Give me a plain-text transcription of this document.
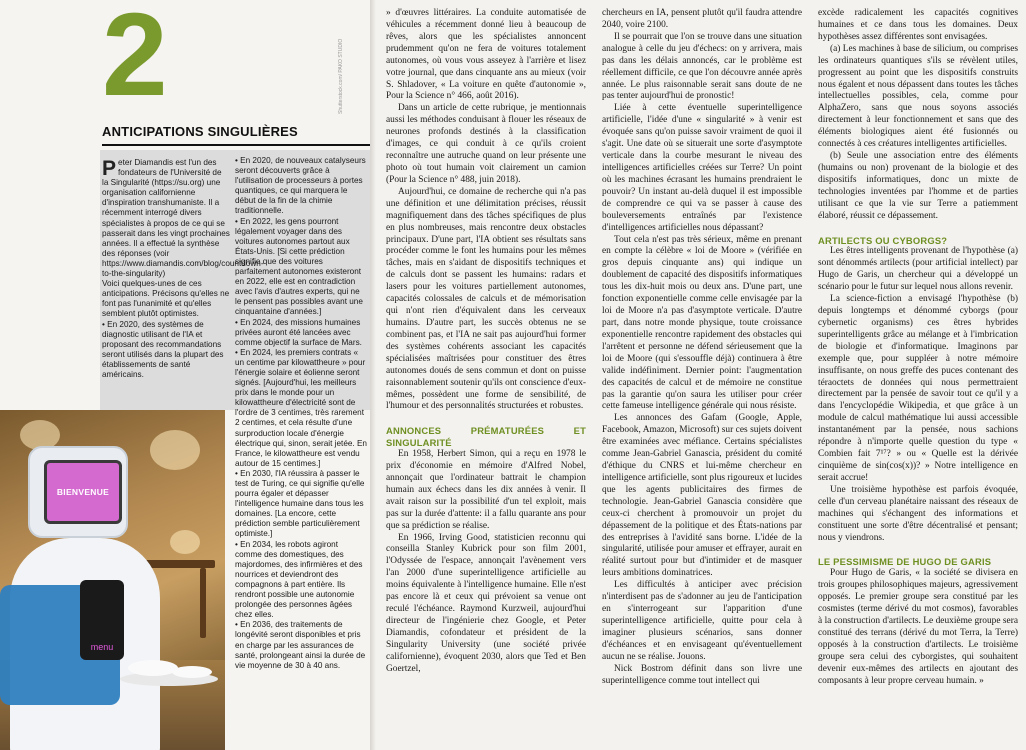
2	Shutterstock.com/ PAKO STUDIO
ANTICIPATIONS SINGULIÈRES

Peter Diamandis est l'un des fondateurs de l'Université de la Singularité (https://su.org) une organisation californienne d'inspiration transhumaniste. Il a récemment interrogé divers spécialistes à propos de ce qui se passerait dans les vingt prochaines années. Il a effectué la synthèse des réponses (voir https://www.diamandis.com/blog/countdown-to-the-singularity)

Voici quelques-unes de ces anticipations. Précisons qu'elles ne font pas l'unanimité et qu'elles semblent plutôt optimistes.

• En 2020, des systèmes de diagnostic utilisant de l'IA et proposant des recommandations seront utilisés dans la plupart des établissements de santé américains.

• En 2020, de nouveaux catalyseurs seront découverts grâce à l'utilisation de processeurs à portes quantiques, ce qui marquera le début de la fin de la chimie traditionnelle.

• En 2022, les gens pourront légalement voyager dans des voitures autonomes partout aux États-Unis. [Si cette prédiction signifie que des voitures parfaitement autonomes existeront en 2022, elle est en contradiction avec l'avis d'autres experts, qui ne le pensent pas possibles avant une cinquantaine d'années.]

• En 2024, des missions humaines privées auront été lancées avec comme objectif la surface de Mars.

• En 2024, les premiers contrats « un centime par kilowattheure » pour l'énergie solaire et éolienne seront signés. [Aujourd'hui, les meilleurs prix dans le monde pour un kilowattheure d'électricité sont de l'ordre de 3 centimes, très rarement 2 centimes, et cela résulte d'une surproduction locale d'énergie électrique qui, sinon, serait jetée. En France, le kilowattheure est vendu autour de 15 centimes.]

• En 2030, l'IA réussira à passer le test de Turing, ce qui signifie qu'elle pourra égaler et dépasser l'intelligence humaine dans tous les domaines. [La encore, cette prédiction semble particulièrement optimiste.]

• En 2034, les robots agiront comme des domestiques, des majordomes, des infirmières et des nourrices et deviendront des compagnons à part entière. Ils rendront possible une autonomie prolongée des personnes âgées chez elles.

• En 2036, des traitements de longévité seront disponibles et pris en charge par les assurances de santé, prolongeant ainsi la durée de vie moyenne de 30 à 40 ans.

menu
BIENVENUE

» d'œuvres littéraires. La conduite automatisée de véhicules a récemment donné lieu à beaucoup de rêves, alors que les spécialistes annoncent prudemment qu'on ne fera de voitures totalement autonomes, où vous vous asseyez à l'arrière et lisez votre journal, que dans cinquante ans au mieux (voir S. Shladover, « La voiture en quête d'autonomie », Pour la Science n° 466, août 2016).

Dans un article de cette rubrique, je mentionnais aussi les méthodes conduisant à flouer les réseaux de neurones profonds destinés à la classification d'images, ce qui conduit à ce qu'ils croient reconnaître une autruche quand on leur présente une photo où tout humain voit clairement un camion (Pour la Science n° 488, juin 2018).

Aujourd'hui, ce domaine de recherche qui n'a pas une définition et une délimitation précises, réussit magnifiquement dans des tâches spécifiques de plus en plus nombreuses, mais rencontre deux obstacles principaux. D'une part, l'IA obtient ses résultats sans procéder comme le font les humains pour les mêmes tâches, mais en s'aidant de dispositifs techniques et de calculs dont se passent les humains: radars et lasers pour les voitures partiellement autonomes, capacités colossales de calculs et de mémorisation qui n'ont rien d'équivalent dans les cerveaux humains. D'autre part, les succès obtenus ne se combinent pas, et l'IA ne sait pas aujourd'hui former des systèmes cohérents associant les capacités spécialisées maîtrisées pour constituer des êtres autonomes doués de sens commun et dont on puisse raisonnablement soutenir qu'ils ont conscience d'eux-mêmes, possèdent une forme de sensibilité, de l'humour et des personnalités structurées et robustes.

ANNONCES PRÉMATURÉES ET SINGULARITÉ

En 1958, Herbert Simon, qui a reçu en 1978 le prix d'économie en mémoire d'Alfred Nobel, annonçait que l'ordinateur battrait le champion humain aux échecs dans les dix années à venir. Il avait raison sur la possibilité d'un tel exploit, mais pas sur la durée d'attente: il a fallu quarante ans pour que sa prédiction se réalise.

En 1966, Irving Good, statisticien reconnu qui conseilla Stanley Kubrick pour son film 2001, l'Odyssée de l'espace, annonçait l'avènement vers l'an 2000 d'une superintelligence artificielle au moins équivalente à l'intelligence humaine. Elle n'est pas encore là et ceux qui prévoient sa venue ont reculé l'échéance. Raymond Kurzweil, aujourd'hui directeur de l'ingénierie chez Google, et Peter Diamandis, cofondateur et président de la Singularity University (une société privée californienne), évoquent 2030, alors que Ted et Ben Goertzel,

chercheurs en IA, pensent plutôt qu'il faudra attendre 2040, voire 2100.

Il se pourrait que l'on se trouve dans une situation analogue à celle du jeu d'échecs: on y arrivera, mais pas dans les délais annoncés, car le problème est réellement difficile, ce que l'on découvre année après année. Le plus raisonnable serait sans doute de ne pas tenter aujourd'hui de pronostic!

Liée à cette éventuelle superintelligence artificielle, l'idée d'une « singularité » à venir est évoquée sans qu'on puisse savoir vraiment de quoi il s'agit. Une date où se situerait une sorte d'asymptote verticale dans la courbe mesurant le niveau des intelligences artificielles créées sur Terre? Un point où les machines écrasant les humains prendraient le pouvoir? Un instant au-delà duquel il est impossible de comprendre ce qui va se passer à cause des bouleversements entraînés par l'existence d'intelligences artificielles nous dépassant?

Tout cela n'est pas très sérieux, même en prenant en compte la célèbre « loi de Moore » (vérifiée en gros depuis cinquante ans) qui indique un doublement de capacité des dispositifs informatiques tous les dix-huit mois ou deux ans. D'une part, une fonction exponentielle comme celle envisagée par la loi de Moore n'a pas d'asymptote verticale. D'autre part, dans notre monde physique, toute croissance exponentielle rencontre rapidement des obstacles qui l'arrêtent et personne ne défend sérieusement que la loi de Moore (qui s'essouffle déjà) continuera à être valide indéfiniment. Dernier point: l'augmentation des capacités de calcul et de mémoire ne constitue pas la garantie qu'on saura les utiliser pour créer cette fameuse intelligence générale qui nous résiste.

Les annonces des Gafam (Google, Apple, Facebook, Amazon, Microsoft) sur ces sujets doivent être examinées avec méfiance. Certains spécialistes comme Jean-Gabriel Ganascia, président du comité d'éthique du CNRS et lui-même chercheur en intelligence artificielle, sont plus rigoureux et lucides que les agents publicitaires des firmes de technologie. Jean-Gabriel Ganascia considère que ceux-ci cherchent à promouvoir un projet du dépassement de la politique et des États-nations par des entreprises à l'avidité sans borne. L'idée de la singularité, utilisée pour amuser et effrayer, aurait en réalité surtout pour but d'intimider et de masquer leurs ambitions dominatrices.

Les difficultés à anticiper avec précision n'interdisent pas de s'adonner au jeu de l'anticipation en s'interrogeant sur l'apparition d'une superintelligence artificielle, quitte pour cela à imaginer plusieurs scénarios, sans donner d'échéances et en envisageant qu'éventuellement aucun ne se réalise. Jouons.

Nick Bostrom définit dans son livre une superintelligence comme tout intellect qui

excède radicalement les capacités cognitives humaines et ce dans tous les domaines. Deux hypothèses assez différentes sont envisagées.

(a) Les machines à base de silicium, ou comprises les ordinateurs quantiques s'ils se révèlent utiles, progressent au point que les dispositifs construits nous égalent et nous dépassent dans toutes les tâches intellectuelles possibles, cela, comme pour AlphaZero, sans que nous soyons associés directement à leur fonctionnement et sans que des éléments biologiques aient été fusionnés ou connectés à ces créatures intelligentes artificielles.

(b) Seule une association entre des éléments (humains ou non) provenant de la biologie et des dispositifs informatiques, donc un mixte de technologies inventées par l'homme et de parties utilisant ce que la vie sur Terre a patiemment élaboré, réussit ce dépassement.

ARTILECTS OU CYBORGS?

Les êtres intelligents provenant de l'hypothèse (a) sont dénommés artilects (pour artificial intellect) par Hugo de Garis, un chercheur qui a développé un scénario pour le futur sur lequel nous allons revenir.

La science-fiction a envisagé l'hypothèse (b) depuis longtemps et dénommé cyborgs (pour cybernetic organisms) ces êtres hybrides superintelligents grâce au mélange et à l'imbrication de biologie et d'informatique. Imaginons par exemple que, pour suppléer à notre mémoire insuffisante, on nous greffe des puces contenant des téraoctets de données qui nous permettraient directement par la pensée de savoir tout ce qu'il y a dans l'encyclopédie Wikipedia, et que grâce à un module de calcul mathématique lui aussi accessible instantanément par la pensée, nous sachions répondre à n'importe quelle question du type « Combien fait 7¹⁷? » ou « Quelle est la dérivée cinquième de sin(cos(x))? » Notre intelligence en serait accrue!

Une troisième hypothèse est parfois évoquée, celle d'un cerveau planétaire naissant des réseaux de machines qui s'échangent des informations et constituent une sorte d'être décentralisé et pensant; nous y viendrons.

LE PESSIMISME DE HUGO DE GARIS

Pour Hugo de Garis, « la société se divisera en trois groupes philosophiques majeurs, agressivement opposés. Le premier groupe sera constitué par les cosmistes (terme dérivé du mot cosmos), favorables à la construction d'artilects. Le deuxième groupe sera constitué des terrans (dérivé du mot Terra, la Terre) opposés à la construction d'artilects. Le troisième groupe sera celui des cyborgistes, qui souhaitent devenir eux-mêmes des artilects en ajoutant des composants à leur propre cerveau humain. »
